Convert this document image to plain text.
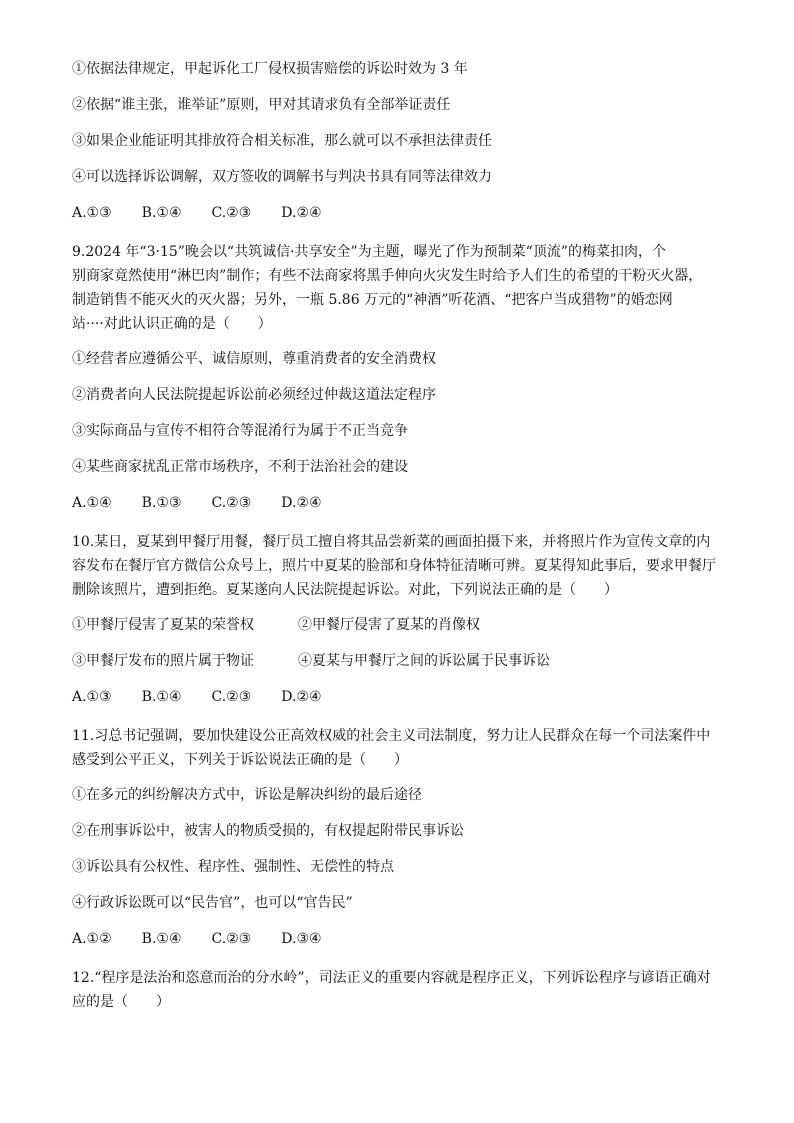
①依据法律规定，甲起诉化工厂侵权损害赔偿的诉讼时效为 3 年
②依据“谁主张，谁举证”原则，甲对其请求负有全部举证责任
③如果企业能证明其排放符合相关标准，那么就可以不承担法律责任
④可以选择诉讼调解，双方签收的调解书与判决书具有同等法律效力
A.①③ B.①④ C.②③ D.②④
9.2024 年“3·15”晚会以“共筑诚信·共享安全”为主题，曝光了作为预制菜“顶流”的梅菜扣肉，个
别商家竟然使用“淋巴肉”制作；有些不法商家将黑手伸向火灾发生时给予人们生的希望的干粉灭火器，
制造销售不能灭火的灭火器；另外，一瓶 5.86 万元的“神酒”听花酒、“把客户当成猎物”的婚恋网
站····对此认识正确的是（　　）
①经营者应遵循公平、诚信原则，尊重消费者的安全消费权
②消费者向人民法院提起诉讼前必须经过仲裁这道法定程序
③实际商品与宣传不相符合等混淆行为属于不正当竞争
④某些商家扰乱正常市场秩序，不利于法治社会的建设
A.①④ B.①③ C.②③ D.②④
10.某日，夏某到甲餐厅用餐，餐厅员工擅自将其品尝新菜的画面拍摄下来，并将照片作为宣传文章的内
容发布在餐厅官方微信公众号上，照片中夏某的脸部和身体特征清晰可辨。夏某得知此事后，要求甲餐厅
删除该照片，遭到拒绝。夏某遂向人民法院提起诉讼。对此，下列说法正确的是（　　）
①甲餐厅侵害了夏某的荣誉权	②甲餐厅侵害了夏某的肖像权
③甲餐厅发布的照片属于物证	④夏某与甲餐厅之间的诉讼属于民事诉讼
A.①③ B.①④ C.②③ D.②④
11.习总书记强调，要加快建设公正高效权威的社会主义司法制度，努力让人民群众在每一个司法案件中
感受到公平正义，下列关于诉讼说法正确的是（　　）
①在多元的纠纷解决方式中，诉讼是解决纠纷的最后途径
②在刑事诉讼中，被害人的物质受损的，有权提起附带民事诉讼
③诉讼具有公权性、程序性、强制性、无偿性的特点
④行政诉讼既可以“民告官”，也可以“官告民”
A.①② B.①④ C.②③ D.③④
12.“程序是法治和恣意而治的分水岭”，司法正义的重要内容就是程序正义，下列诉讼程序与谚语正确对
应的是（　　）
